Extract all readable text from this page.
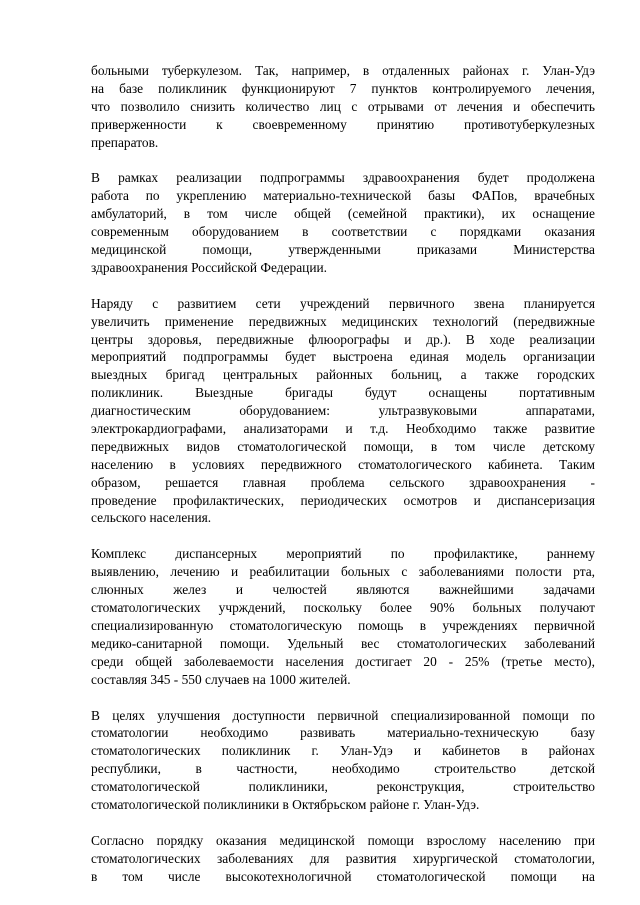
больными туберкулезом. Так, например, в отдаленных районах г. Улан-Удэ
на базе поликлиник функционируют 7 пунктов контролируемого лечения,
что позволило снизить количество лиц с отрывами от лечения и обеспечить
приверженности к своевременному принятию противотуберкулезных
препаратов.
В рамках реализации подпрограммы здравоохранения будет продолжена
работа по укреплению материально-технической базы ФАПов, врачебных
амбулаторий, в том числе общей (семейной практики), их оснащение
современным оборудованием в соответствии с порядками оказания
медицинской помощи, утвержденными приказами Министерства
здравоохранения Российской Федерации.
Наряду с развитием сети учреждений первичного звена планируется
увеличить применение передвижных медицинских технологий (передвижные
центры здоровья, передвижные флюорографы и др.). В ходе реализации
мероприятий подпрограммы будет выстроена единая модель организации
выездных бригад центральных районных больниц, а также городских
поликлиник. Выездные бригады будут оснащены портативным
диагностическим оборудованием: ультразвуковыми аппаратами,
электрокардиографами, анализаторами и т.д. Необходимо также развитие
передвижных видов стоматологической помощи, в том числе детскому
населению в условиях передвижного стоматологического кабинета. Таким
образом, решается главная проблема сельского здравоохранения -
проведение профилактических, периодических осмотров и диспансеризация
сельского населения.
Комплекс диспансерных мероприятий по профилактике, раннему
выявлению, лечению и реабилитации больных с заболеваниями полости рта,
слюнных желез и челюстей являются важнейшими задачами
стоматологических учрждений, поскольку более 90% больных получают
специализированную стоматологическую помощь в учреждениях первичной
медико-санитарной помощи. Удельный вес стоматологических заболеваний
среди общей заболеваемости населения достигает 20 - 25% (третье место),
составляя 345 - 550 случаев на 1000 жителей.
В целях улучшения доступности первичной специализированной помощи по
стоматологии необходимо развивать материально-техническую базу
стоматологических поликлиник г. Улан-Удэ и кабинетов в районах
республики, в частности, необходимо строительство детской
стоматологической поликлиники, реконструкция, строительство
стоматологической поликлиники в Октябрьском районе г. Улан-Удэ.
Согласно порядку оказания медицинской помощи взрослому населению при
стоматологических заболеваниях для развития хирургической стоматологии,
в том числе высокотехнологичной стоматологической помощи на
